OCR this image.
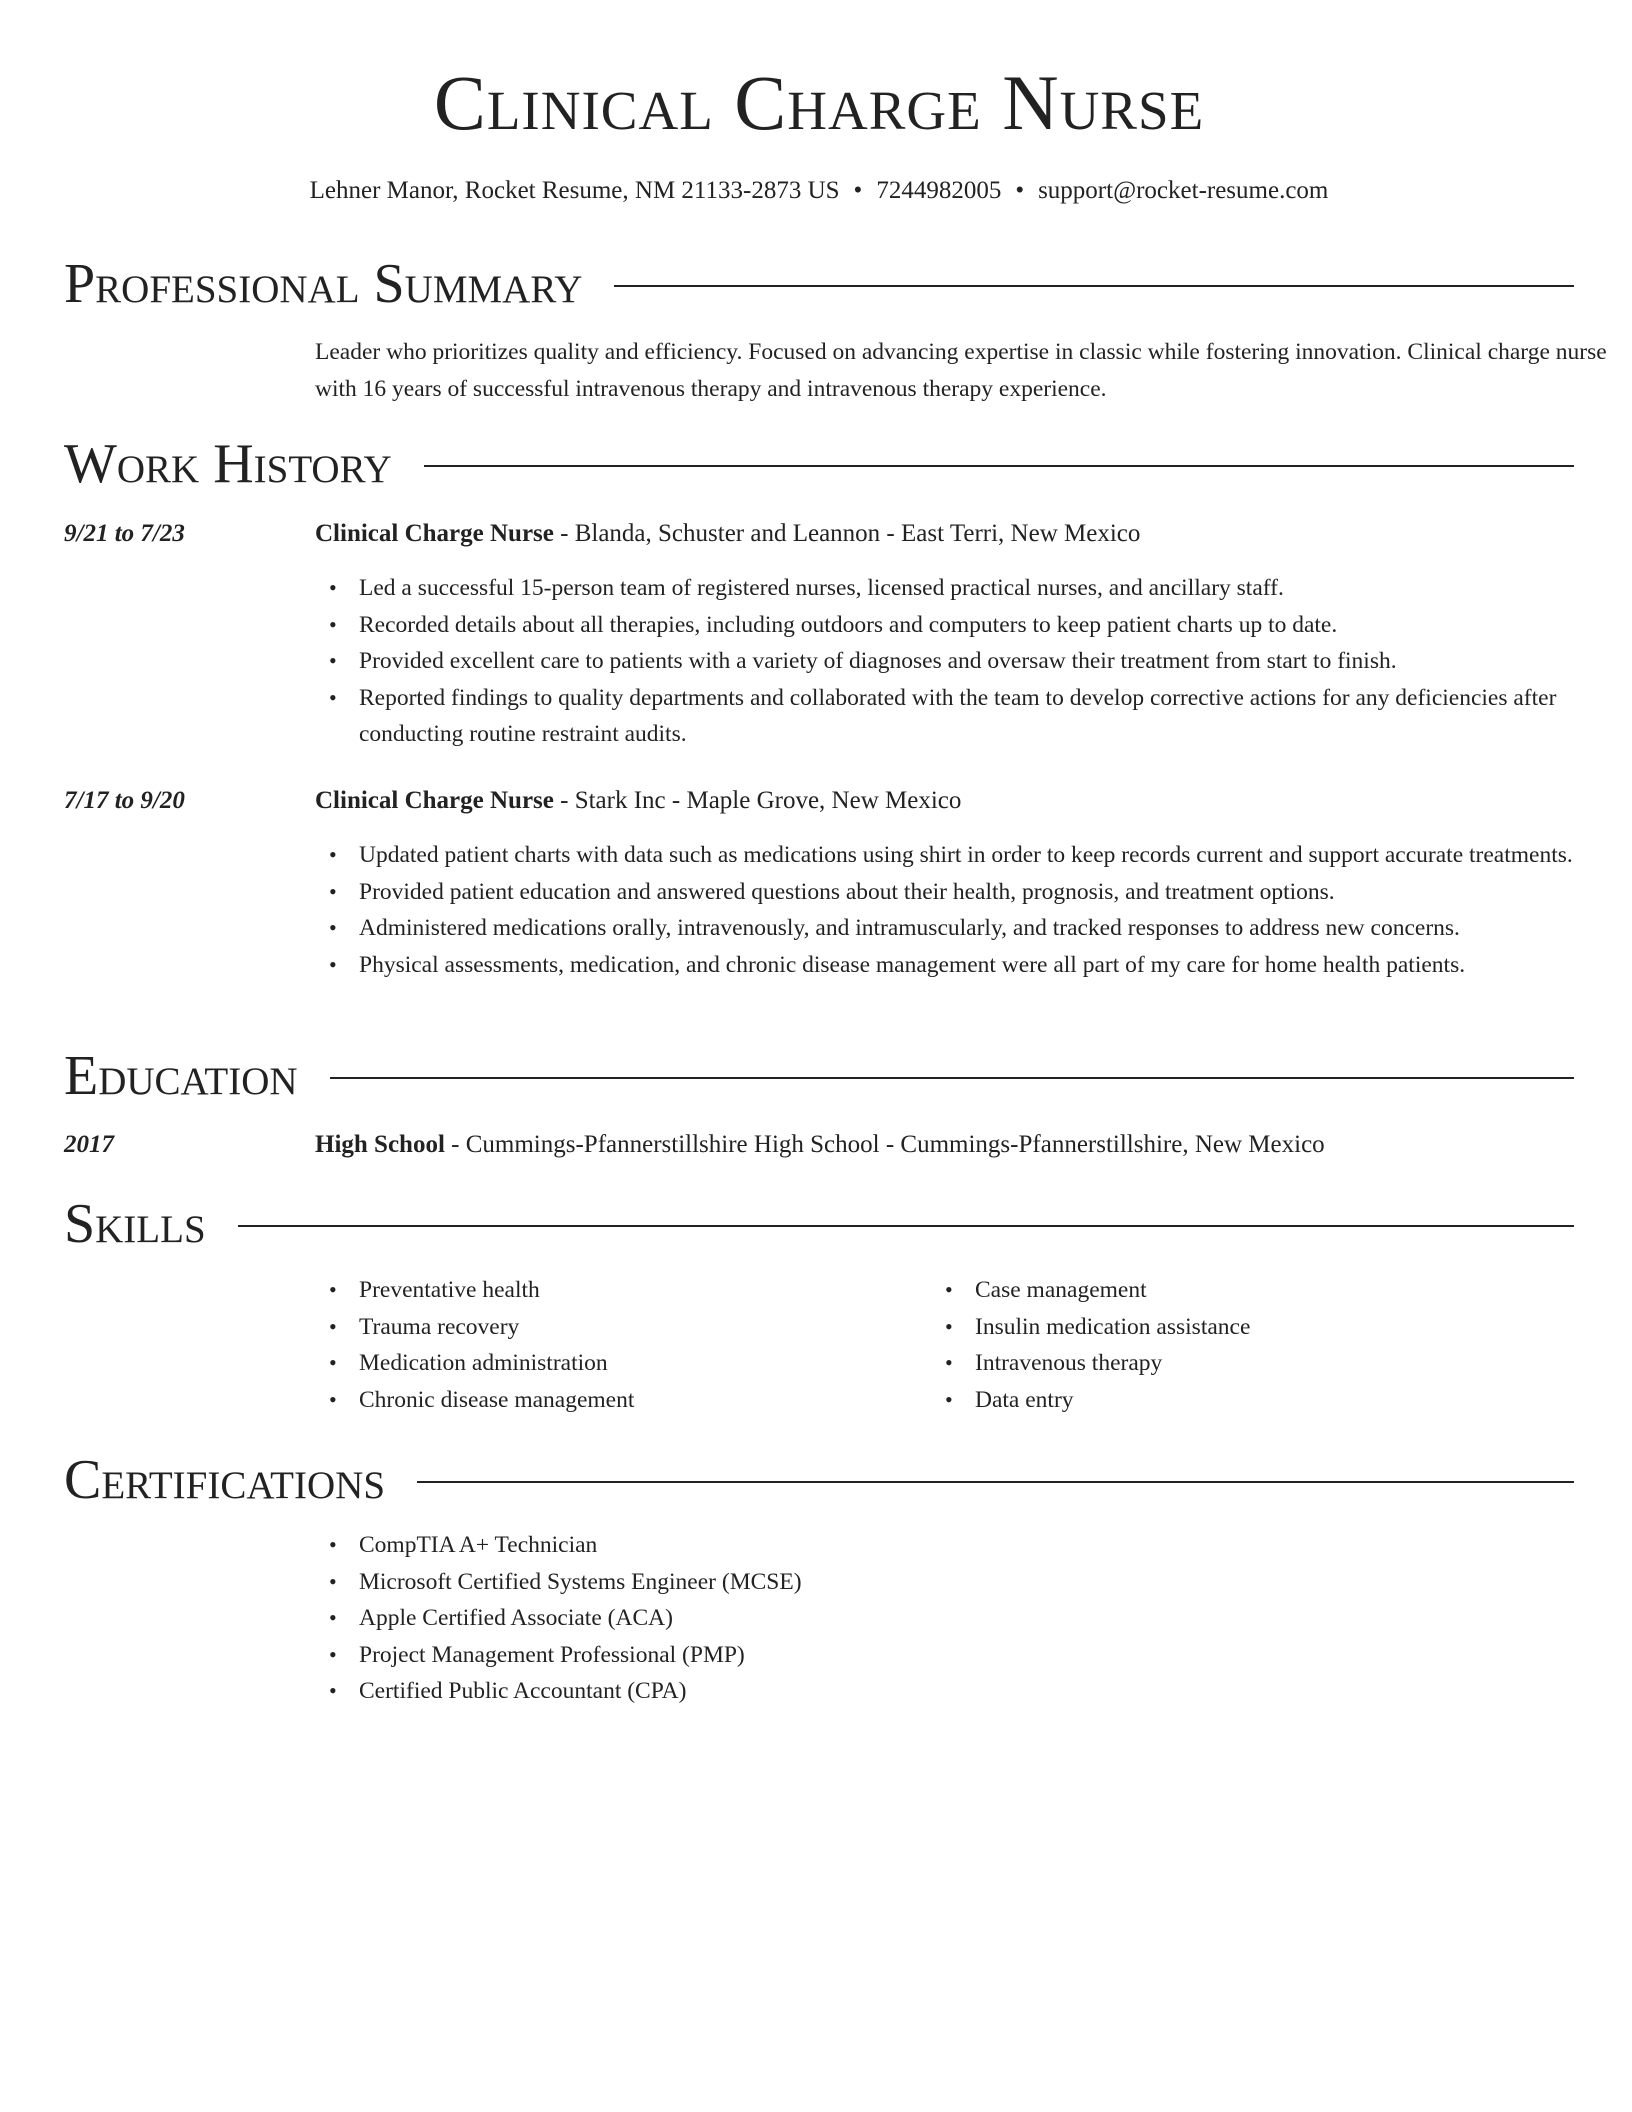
Clinical Charge Nurse
Lehner Manor, Rocket Resume, NM 21133-2873 US • 7244982005 • support@rocket-resume.com
Professional Summary
Leader who prioritizes quality and efficiency. Focused on advancing expertise in classic while fostering innovation. Clinical charge nurse with 16 years of successful intravenous therapy and intravenous therapy experience.
Work History
9/21 to 7/23	Clinical Charge Nurse - Blanda, Schuster and Leannon - East Terri, New Mexico
• Led a successful 15-person team of registered nurses, licensed practical nurses, and ancillary staff.
• Recorded details about all therapies, including outdoors and computers to keep patient charts up to date.
• Provided excellent care to patients with a variety of diagnoses and oversaw their treatment from start to finish.
• Reported findings to quality departments and collaborated with the team to develop corrective actions for any deficiencies after conducting routine restraint audits.
7/17 to 9/20	Clinical Charge Nurse - Stark Inc - Maple Grove, New Mexico
• Updated patient charts with data such as medications using shirt in order to keep records current and support accurate treatments.
• Provided patient education and answered questions about their health, prognosis, and treatment options.
• Administered medications orally, intravenously, and intramuscularly, and tracked responses to address new concerns.
• Physical assessments, medication, and chronic disease management were all part of my care for home health patients.
Education
2017	High School - Cummings-Pfannerstillshire High School - Cummings-Pfannerstillshire, New Mexico
Skills
• Preventative health
• Trauma recovery
• Medication administration
• Chronic disease management
• Case management
• Insulin medication assistance
• Intravenous therapy
• Data entry
Certifications
• CompTIA A+ Technician
• Microsoft Certified Systems Engineer (MCSE)
• Apple Certified Associate (ACA)
• Project Management Professional (PMP)
• Certified Public Accountant (CPA)
